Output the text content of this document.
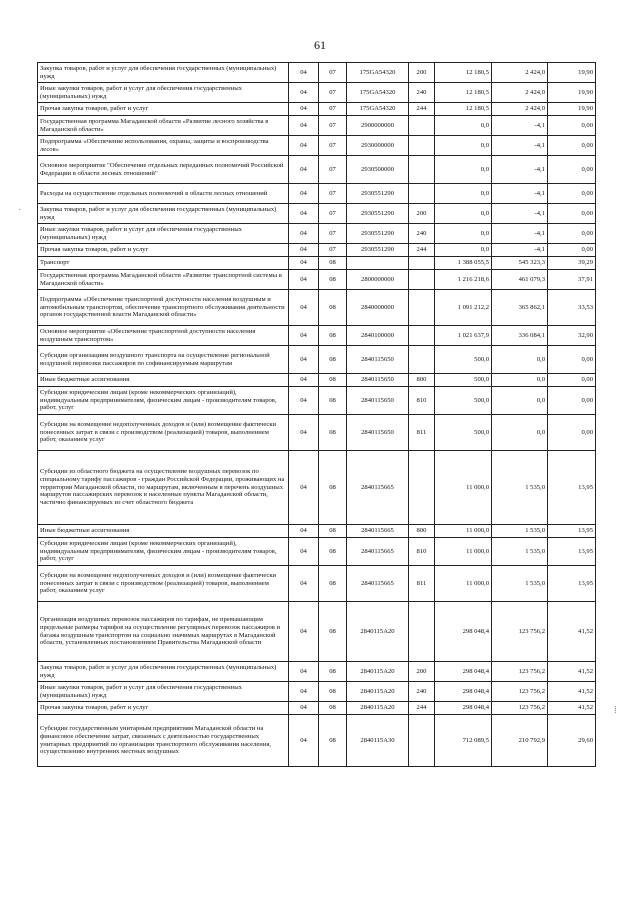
61
Закупка товаров, работ и услуг для обеспечения государственных (муниципальных) нужд	04	07	175GA54320	200	12 180,5	2 424,0	19,90
Иные закупки товаров, работ и услуг для обеспечения государственных (муниципальных) нужд	04	07	175GA54320	240	12 180,5	2 424,0	19,90
Прочая закупка товаров, работ и услуг	04	07	175GA54320	244	12 180,5	2 424,0	19,90
Государственная программа Магаданской области «Развитие лесного хозяйства в Магаданской области»	04	07	2900000000		0,0	-4,1	0,00
Подпрограмма «Обеспечение использования, охраны, защиты и воспроизводства лесов»	04	07	2930000000		0,0	-4,1	0,00
Основное мероприятие "Обеспечение отдельных переданных полномочий Российской Федерации в области лесных отношений"	04	07	2930500000		0,0	-4,1	0,00
Расходы на осуществление отдельных полномочий в области лесных отношений	04	07	2930551290		0,0	-4,1	0,00
Закупка товаров, работ и услуг для обеспечения государственных (муниципальных) нужд	04	07	2930551290	200	0,0	-4,1	0,00
Иные закупки товаров, работ и услуг для обеспечения государственных (муниципальных) нужд	04	07	2930551290	240	0,0	-4,1	0,00
Прочая закупка товаров, работ и услуг	04	07	2930551290	244	0,0	-4,1	0,00
Транспорт	04	08			1 388 055,5	545 323,3	39,29
Государственная программа Магаданской области «Развитие транспортной системы в Магаданской области»	04	08	2800000000		1 216 218,6	461 079,3	37,91
Подпрограмма «Обеспечение транспортной доступности населения воздушным и автомобильным транспортом, обеспечение транспортного обслуживания деятельности органов государственной власти Магаданской области»	04	08	2840000000		1 091 212,2	365 862,1	33,53
Основное мероприятие «Обеспечение транспортной доступности населения воздушным транспортом»	04	08	2840100000		1 021 637,9	336 084,1	32,90
Субсидии организациям воздушного транспорта на осуществление региональной воздушной перевозки пассажиров по софинансируемым маршрутам	04	08	2840115650		500,0	0,0	0,00
Иные бюджетные ассигнования	04	08	2840115650	800	500,0	0,0	0,00
Субсидии юридическим лицам (кроме некоммерческих организаций), индивидуальным предпринимателям, физическим лицам - производителям товаров, работ, услуг	04	08	2840115650	810	500,0	0,0	0,00
Субсидии на возмещение недополученных доходов и (или) возмещение фактически понесенных затрат в связи с производством (реализацией) товаров, выполнением работ, оказанием услуг	04	08	2840115650	811	500,0	0,0	0,00
Субсидии из областного бюджета на осуществление воздушных перевозок по специальному тарифу пассажиров - граждан Российской Федерации, проживающих на территории Магаданской области, по маршрутам, включенным в перечень воздушных маршрутов пассажирских перевозок в населенные пункты Магаданской области, частично финансируемых из счет областного бюджета	04	08	2840115665		11 000,0	1 535,0	13,95
Иные бюджетные ассигнования	04	08	2840115665	800	11 000,0	1 535,0	13,95
Субсидии юридическим лицам (кроме некоммерческих организаций), индивидуальным предпринимателям, физическим лицам - производителям товаров, работ, услуг	04	08	2840115665	810	11 000,0	1 535,0	13,95
Субсидии на возмещение недополученных доходов и (или) возмещение фактически понесенных затрат в связи с производством (реализацией) товаров, выполнением работ, оказанием услуг	04	08	2840115665	811	11 000,0	1 535,0	13,95
Организация воздушных перевозок пассажиров по тарифам, не превышающим предельные размеры тарифов на осуществление регулярных перевозок пассажиров и багажа воздушным транспортом на социально значимых маршрутах в Магаданской области, установленных постановлением Правительства Магаданской области	04	08	2840115A20		298 048,4	123 756,2	41,52
Закупка товаров, работ и услуг для обеспечения государственных (муниципальных) нужд	04	08	2840115A20	200	298 048,4	123 756,2	41,52
Иные закупки товаров, работ и услуг для обеспечения государственных (муниципальных) нужд	04	08	2840115A20	240	298 048,4	123 756,2	41,52
Прочая закупка товаров, работ и услуг	04	08	2840115A20	244	298 048,4	123 756,2	41,52
Субсидии государственным унитарным предприятиям Магаданской области на финансовое обеспечение затрат, связанных с деятельностью государственных унитарных предприятий по организации транспортного обслуживания населения, осуществлению внутренних местных воздушных	04	08	2840115A30		712 089,5	210 792,9	29,60
·
⁞
